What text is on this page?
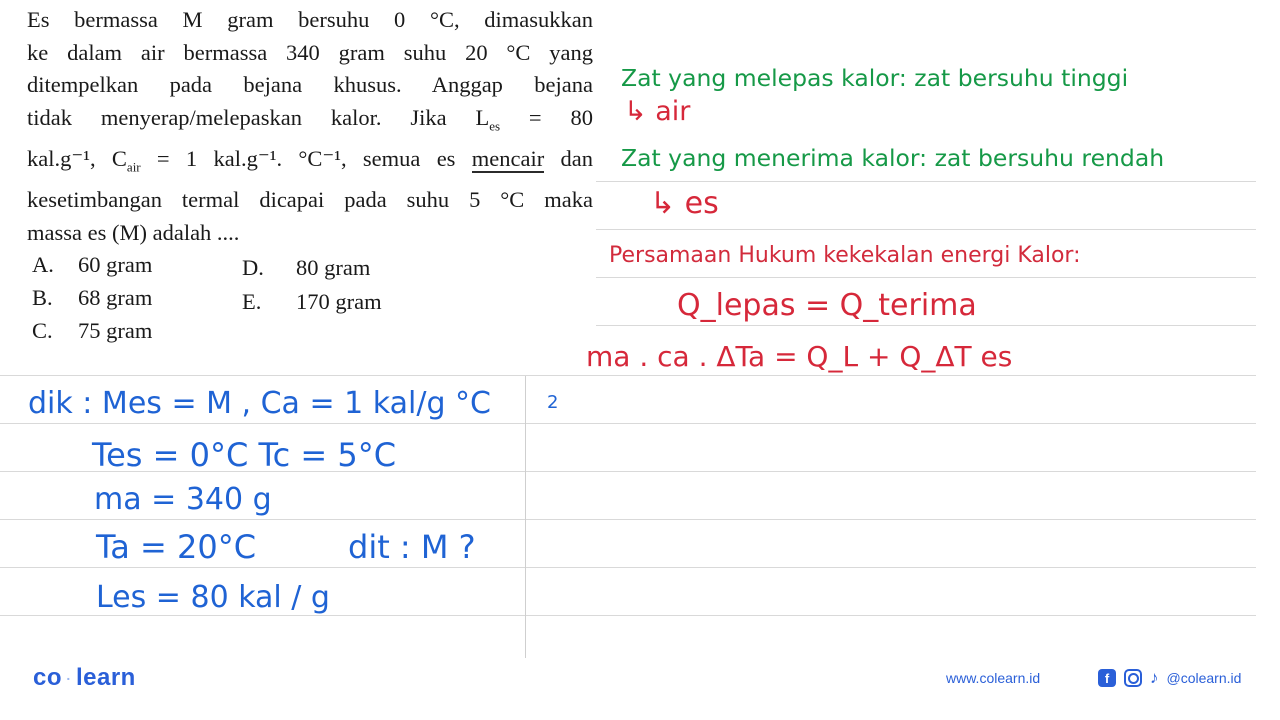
Es bermassa M gram bersuhu 0 °C, dimasukkan
ke dalam air bermassa 340 gram suhu 20 °C yang
ditempelkan pada bejana khusus. Anggap bejana
tidak menyerap/melepaskan kalor. Jika $L_{es} = 80$
kal.g⁻¹, $C_{air} = 1$ kal.g⁻¹. °C⁻¹, semua es mencair dan
kesetimbangan termal dicapai pada suhu 5 °C maka
massa es (M) adalah ....
A. 60 gram
B. 68 gram
C. 75 gram
D. 80 gram
E. 170 gram
Zat yang melepas kalor: zat bersuhu tinggi
↳ air
Zat yang menerima kalor: zat bersuhu rendah
↳ es
Persamaan Hukum kekekalan energi Kalor:
Q_lepas = Q_terima
ma . ca . ΔTa = Q_L + Q_ΔT es
dik : Mes = M , Ca = 1 kal/g °C
Tes = 0°C Tc = 5°C
ma = 340 g
Ta = 20°C	dit : M ?
Les = 80 kal / g
2
co · learn	www.colearn.id	f	♪ @colearn.id
